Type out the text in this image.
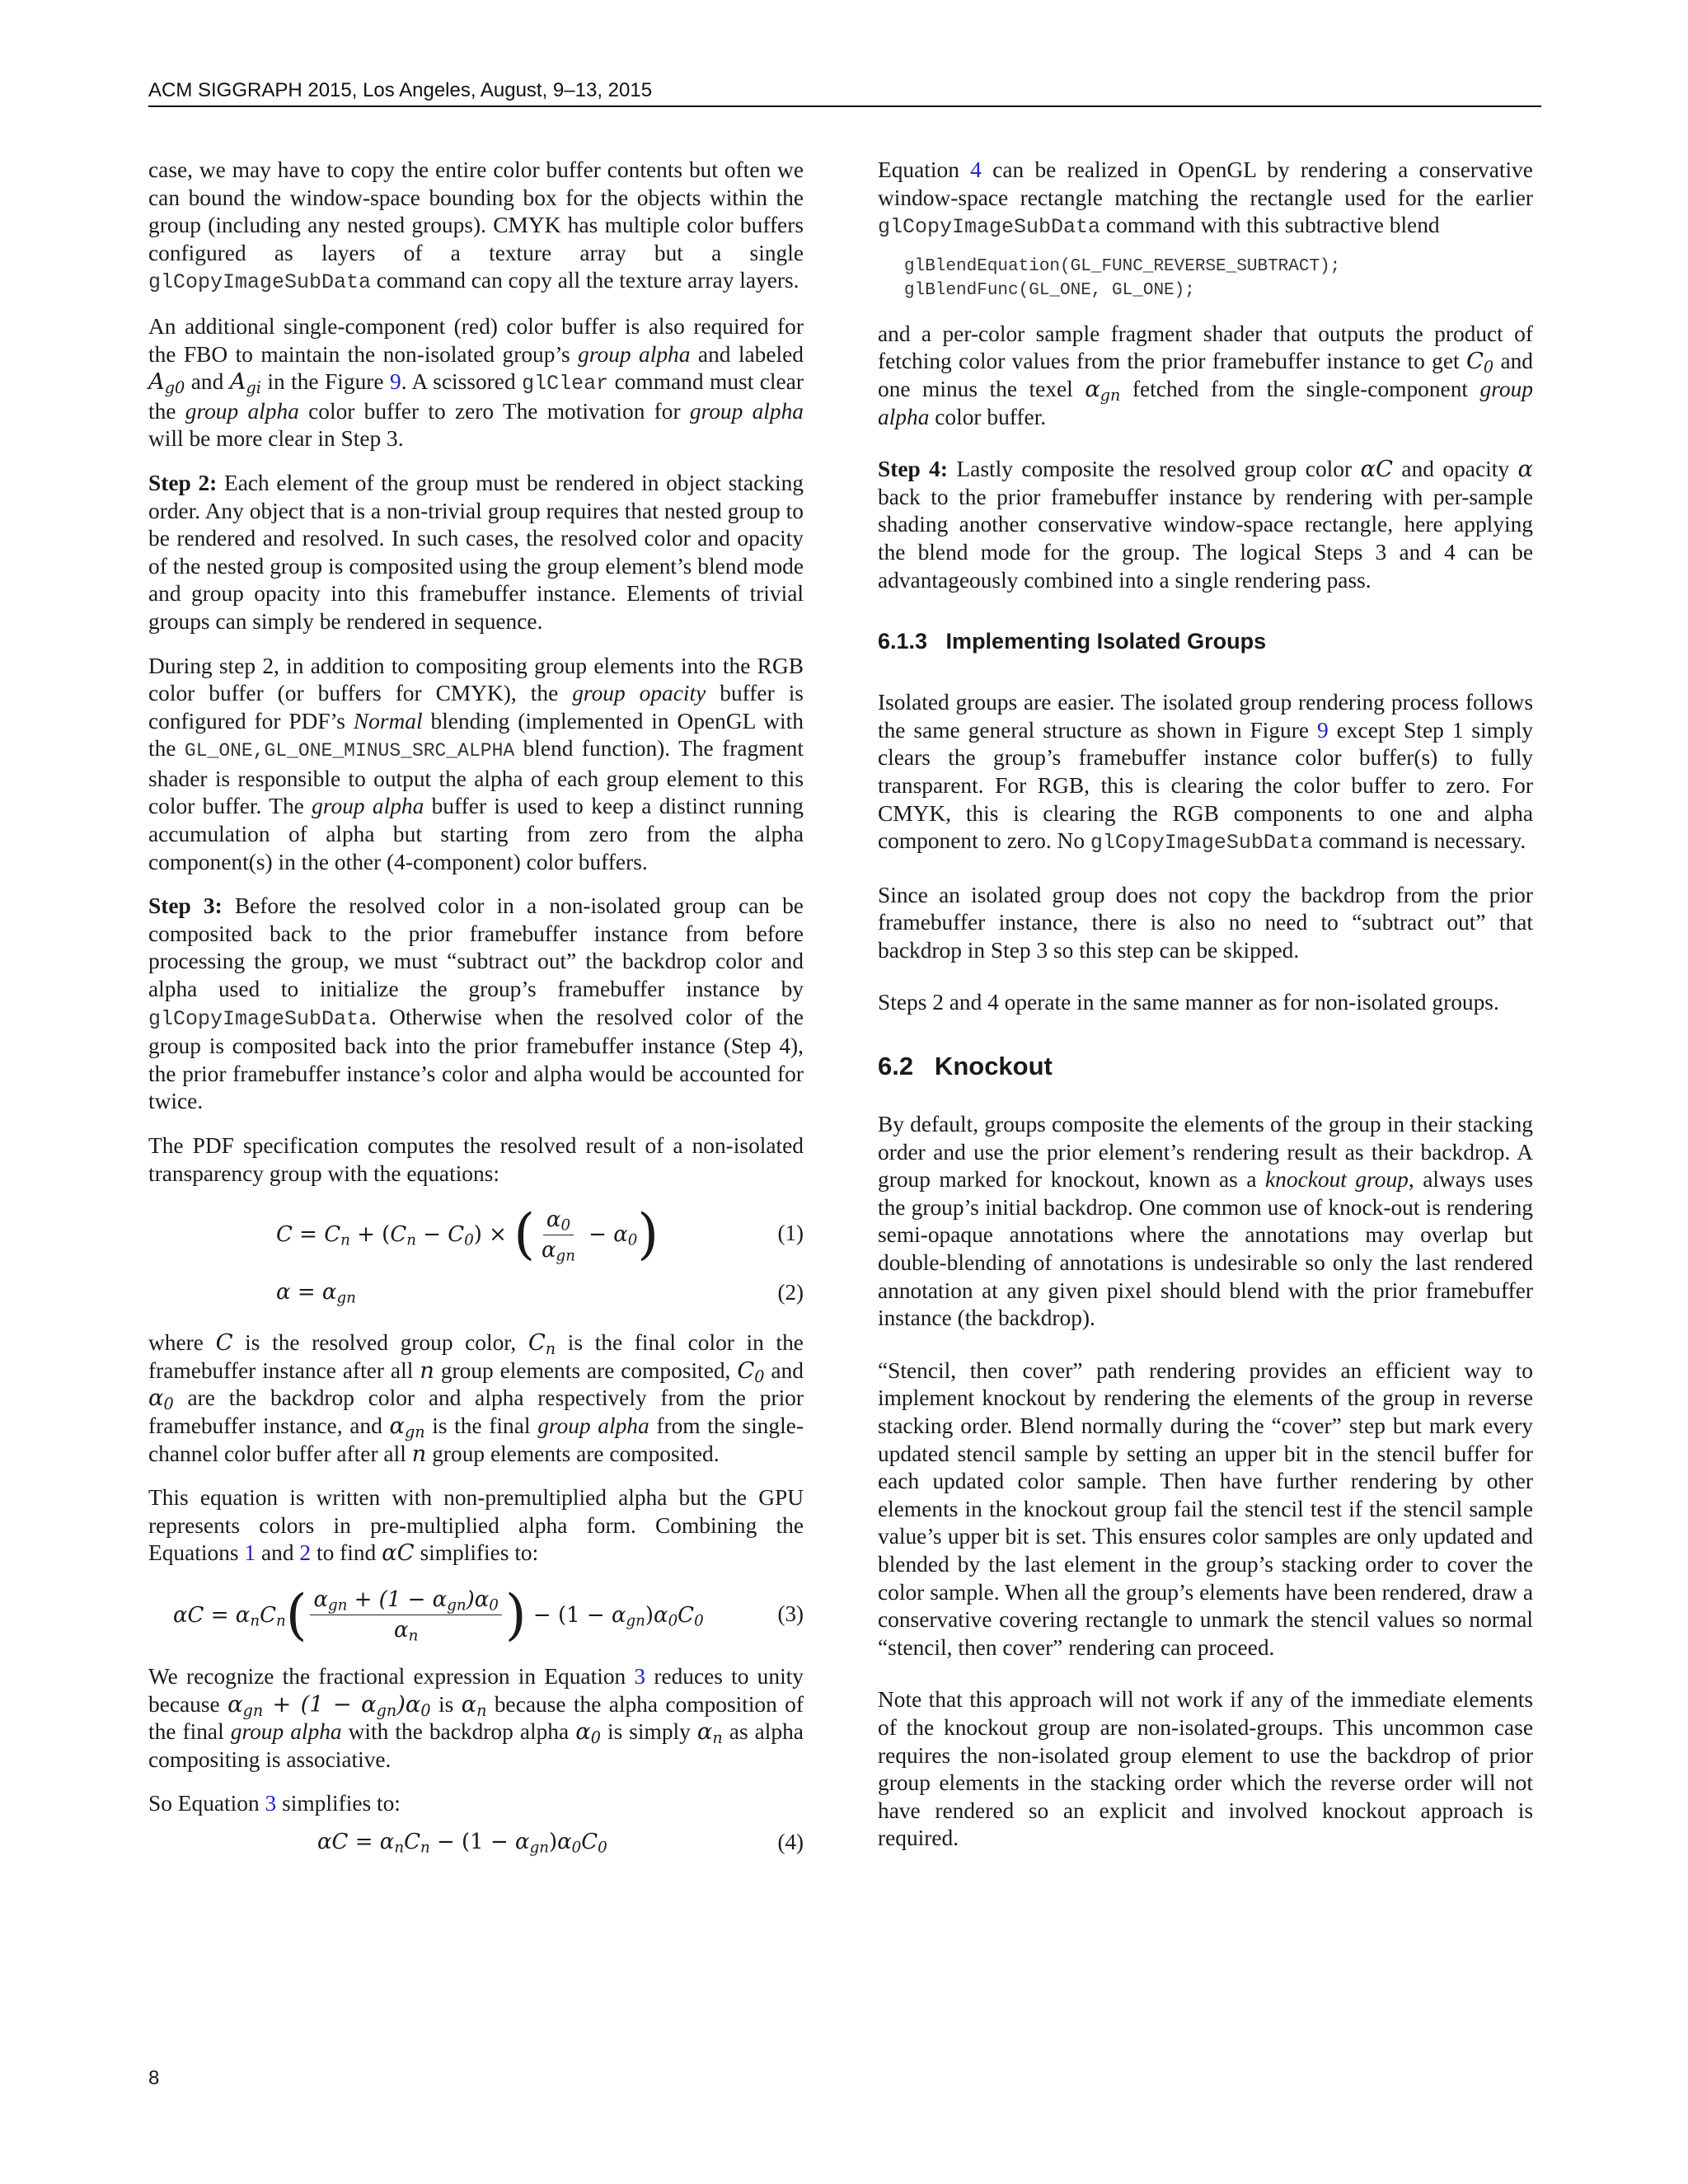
ACM SIGGRAPH 2015, Los Angeles, August, 9–13, 2015

case, we may have to copy the entire color buffer contents but often we can bound the window-space bounding box for the objects within the group (including any nested groups). CMYK has multiple color buffers configured as layers of a texture array but a single glCopyImageSubData command can copy all the texture array layers.

An additional single-component (red) color buffer is also required for the FBO to maintain the non-isolated group’s group alpha and labeled $A_{g0}$ and $A_{gi}$ in the Figure 9. A scissored glClear command must clear the group alpha color buffer to zero The motivation for group alpha will be more clear in Step 3.

Step 2: Each element of the group must be rendered in object stacking order. Any object that is a non-trivial group requires that nested group to be rendered and resolved. In such cases, the resolved color and opacity of the nested group is composited using the group element’s blend mode and group opacity into this framebuffer instance. Elements of trivial groups can simply be rendered in sequence.

During step 2, in addition to compositing group elements into the RGB color buffer (or buffers for CMYK), the group opacity buffer is configured for PDF’s Normal blending (implemented in OpenGL with the GL_ONE,GL_ONE_MINUS_SRC_ALPHA blend function). The fragment shader is responsible to output the alpha of each group element to this color buffer. The group alpha buffer is used to keep a distinct running accumulation of alpha but starting from zero from the alpha component(s) in the other (4-component) color buffers.

Step 3: Before the resolved color in a non-isolated group can be composited back to the prior framebuffer instance from before processing the group, we must “subtract out” the backdrop color and alpha used to initialize the group’s framebuffer instance by glCopyImageSubData. Otherwise when the resolved color of the group is composited back into the prior framebuffer instance (Step 4), the prior framebuffer instance’s color and alpha would be accounted for twice.

The PDF specification computes the resolved result of a non-isolated transparency group with the equations:

$C = C_n$ + ( $C_n - C_0$ ) × ( $\frac{\alpha_0}{\alpha_{gn}} - \alpha_0$ )	(1)
$\alpha = \alpha_{gn}$	(2)

where C is the resolved group color, $C_n$ is the final color in the framebuffer instance after all n group elements are composited, $C_0$ and $\alpha_0$ are the backdrop color and alpha respectively from the prior framebuffer instance, and $\alpha_{gn}$ is the final group alpha from the single-channel color buffer after all n group elements are composited.

This equation is written with non-premultiplied alpha but the GPU represents colors in pre-multiplied alpha form. Combining the Equations 1 and 2 to find αC simplifies to:

$\alpha C = \alpha_nC_n$ ( $\frac{\alpha_{gn} + (1 - \alpha_{gn})\alpha_0}{\alpha_n}$ ) − ($1 - \alpha_{gn}$ ) $\alpha_0C_0$	(3)

We recognize the fractional expression in Equation 3 reduces to unity because $\alpha_{gn} + (1 - \alpha_{gn})\alpha_0$ is $\alpha_n$ because the alpha composition of the final group alpha with the backdrop alpha $\alpha_0$ is simply $\alpha_n$ as alpha compositing is associative.

So Equation 3 simplifies to:

$\alpha C = \alpha_nC_n - (1 - \alpha_{gn})\alpha_0C_0$	(4)

Equation 4 can be realized in OpenGL by rendering a conservative window-space rectangle matching the rectangle used for the earlier glCopyImageSubData command with this subtractive blend

glBlendEquation(GL_FUNC_REVERSE_SUBTRACT);
glBlendFunc(GL_ONE, GL_ONE);

and a per-color sample fragment shader that outputs the product of fetching color values from the prior framebuffer instance to get $C_0$ and one minus the texel $\alpha_{gn}$ fetched from the single-component group alpha color buffer.

Step 4: Lastly composite the resolved group color αC and opacity α back to the prior framebuffer instance by rendering with per-sample shading another conservative window-space rectangle, here applying the blend mode for the group. The logical Steps 3 and 4 can be advantageously combined into a single rendering pass.

6.1.3   Implementing Isolated Groups

Isolated groups are easier. The isolated group rendering process follows the same general structure as shown in Figure 9 except Step 1 simply clears the group’s framebuffer instance color buffer(s) to fully transparent. For RGB, this is clearing the color buffer to zero. For CMYK, this is clearing the RGB components to one and alpha component to zero. No glCopyImageSubData command is necessary.

Since an isolated group does not copy the backdrop from the prior framebuffer instance, there is also no need to “subtract out” that backdrop in Step 3 so this step can be skipped.

Steps 2 and 4 operate in the same manner as for non-isolated groups.

6.2   Knockout

By default, groups composite the elements of the group in their stacking order and use the prior element’s rendering result as their backdrop. A group marked for knockout, known as a knockout group, always uses the group’s initial backdrop. One common use of knock-out is rendering semi-opaque annotations where the annotations may overlap but double-blending of annotations is undesirable so only the last rendered annotation at any given pixel should blend with the prior framebuffer instance (the backdrop).

“Stencil, then cover” path rendering provides an efficient way to implement knockout by rendering the elements of the group in reverse stacking order. Blend normally during the “cover” step but mark every updated stencil sample by setting an upper bit in the stencil buffer for each updated color sample. Then have further rendering by other elements in the knockout group fail the stencil test if the stencil sample value’s upper bit is set. This ensures color samples are only updated and blended by the last element in the group’s stacking order to cover the color sample. When all the group’s elements have been rendered, draw a conservative covering rectangle to unmark the stencil values so normal “stencil, then cover” rendering can proceed.

Note that this approach will not work if any of the immediate elements of the knockout group are non-isolated-groups. This uncommon case requires the non-isolated group element to use the backdrop of prior group elements in the stacking order which the reverse order will not have rendered so an explicit and involved knockout approach is required.

8
